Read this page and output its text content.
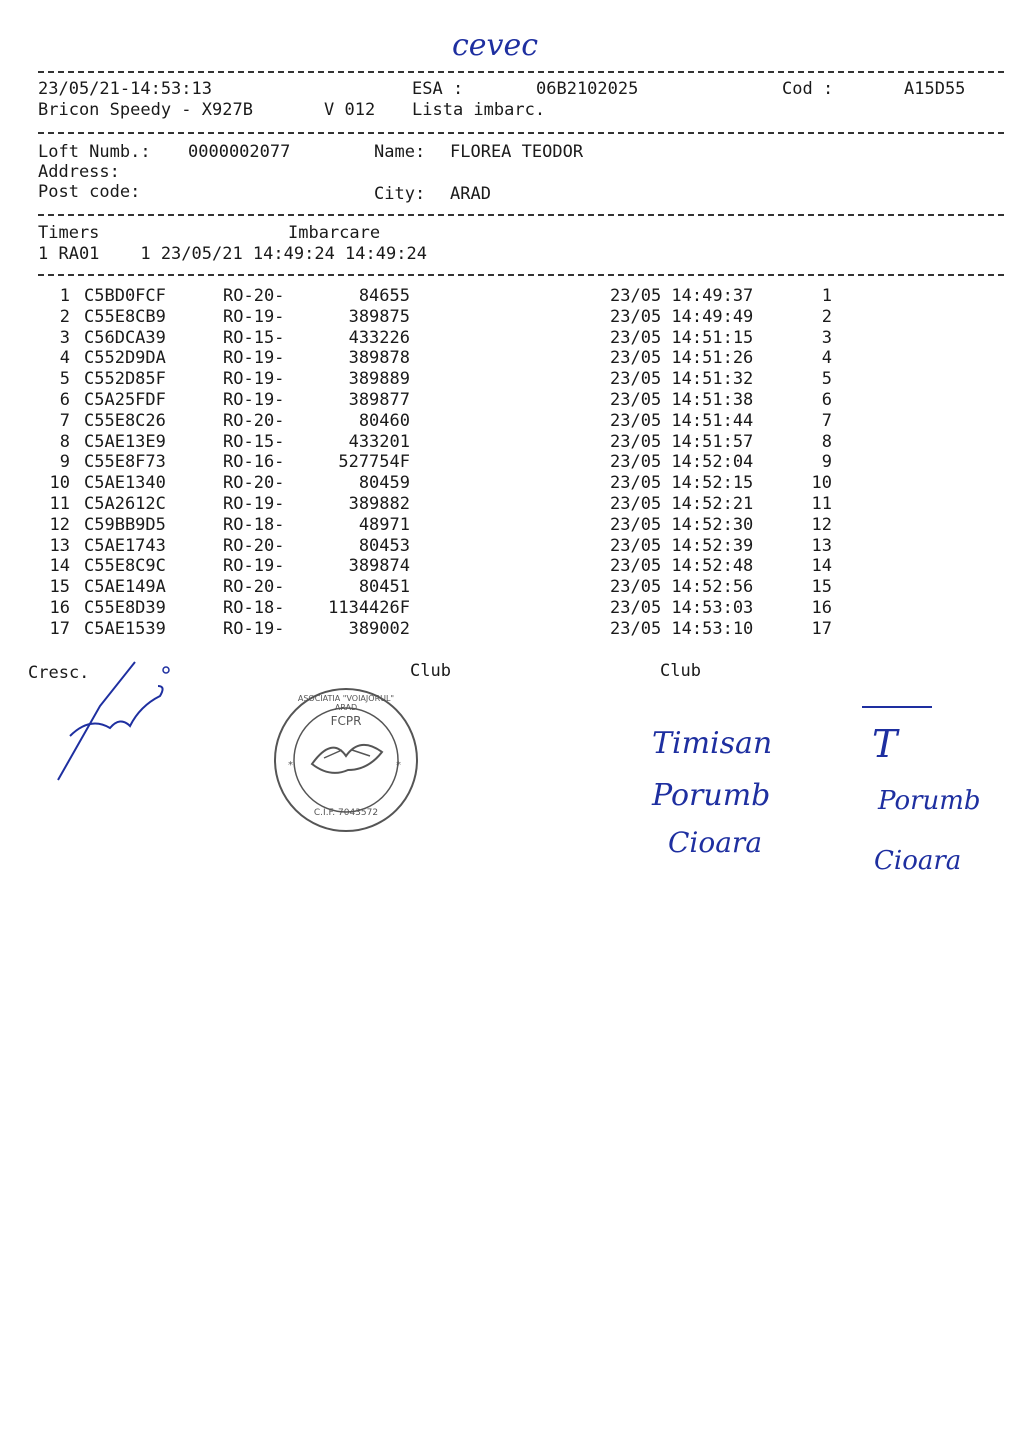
cevec
23/05/21-14:53:13	ESA :	06B2102025	Cod :	A15D55
Bricon Speedy - X927B	V 012 Lista imbarc.
Loft Numb.: 0000002077	Name: FLOREA TEODOR
Address:
Post code:	City: ARAD
Timers	Imbarcare
1 RA01    1 23/05/21 14:49:24 14:49:24
1 C5BD0FCF	RO-20-	84655	23/05 14:49:37	1
2 C55E8CB9	RO-19-	389875	23/05 14:49:49	2
3 C56DCA39	RO-15-	433226	23/05 14:51:15	3
4 C552D9DA	RO-19-	389878	23/05 14:51:26	4
5 C552D85F	RO-19-	389889	23/05 14:51:32	5
6 C5A25FDF	RO-19-	389877	23/05 14:51:38	6
7 C55E8C26	RO-20-	80460	23/05 14:51:44	7
8 C5AE13E9	RO-15-	433201	23/05 14:51:57	8
9 C55E8F73	RO-16-	527754F	23/05 14:52:04	9
10 C5AE1340	RO-20-	80459	23/05 14:52:15	10
11 C5A2612C	RO-19-	389882	23/05 14:52:21	11
12 C59BB9D5	RO-18-	48971	23/05 14:52:30	12
13 C5AE1743	RO-20-	80453	23/05 14:52:39	13
14 C55E8C9C	RO-19-	389874	23/05 14:52:48	14
15 C5AE149A	RO-20-	80451	23/05 14:52:56	15
16 C55E8D39	RO-18-	1134426F	23/05 14:53:03	16
17 C5AE1539	RO-19-	389002	23/05 14:53:10	17
Cresc.	Club	Club
*	*
ASOCIATIA "VOIAJORUL" ARAD
FCPR
C.I.F. 7043572
Timisan
Porumb
Cioara
T
Porumb
Cioara
